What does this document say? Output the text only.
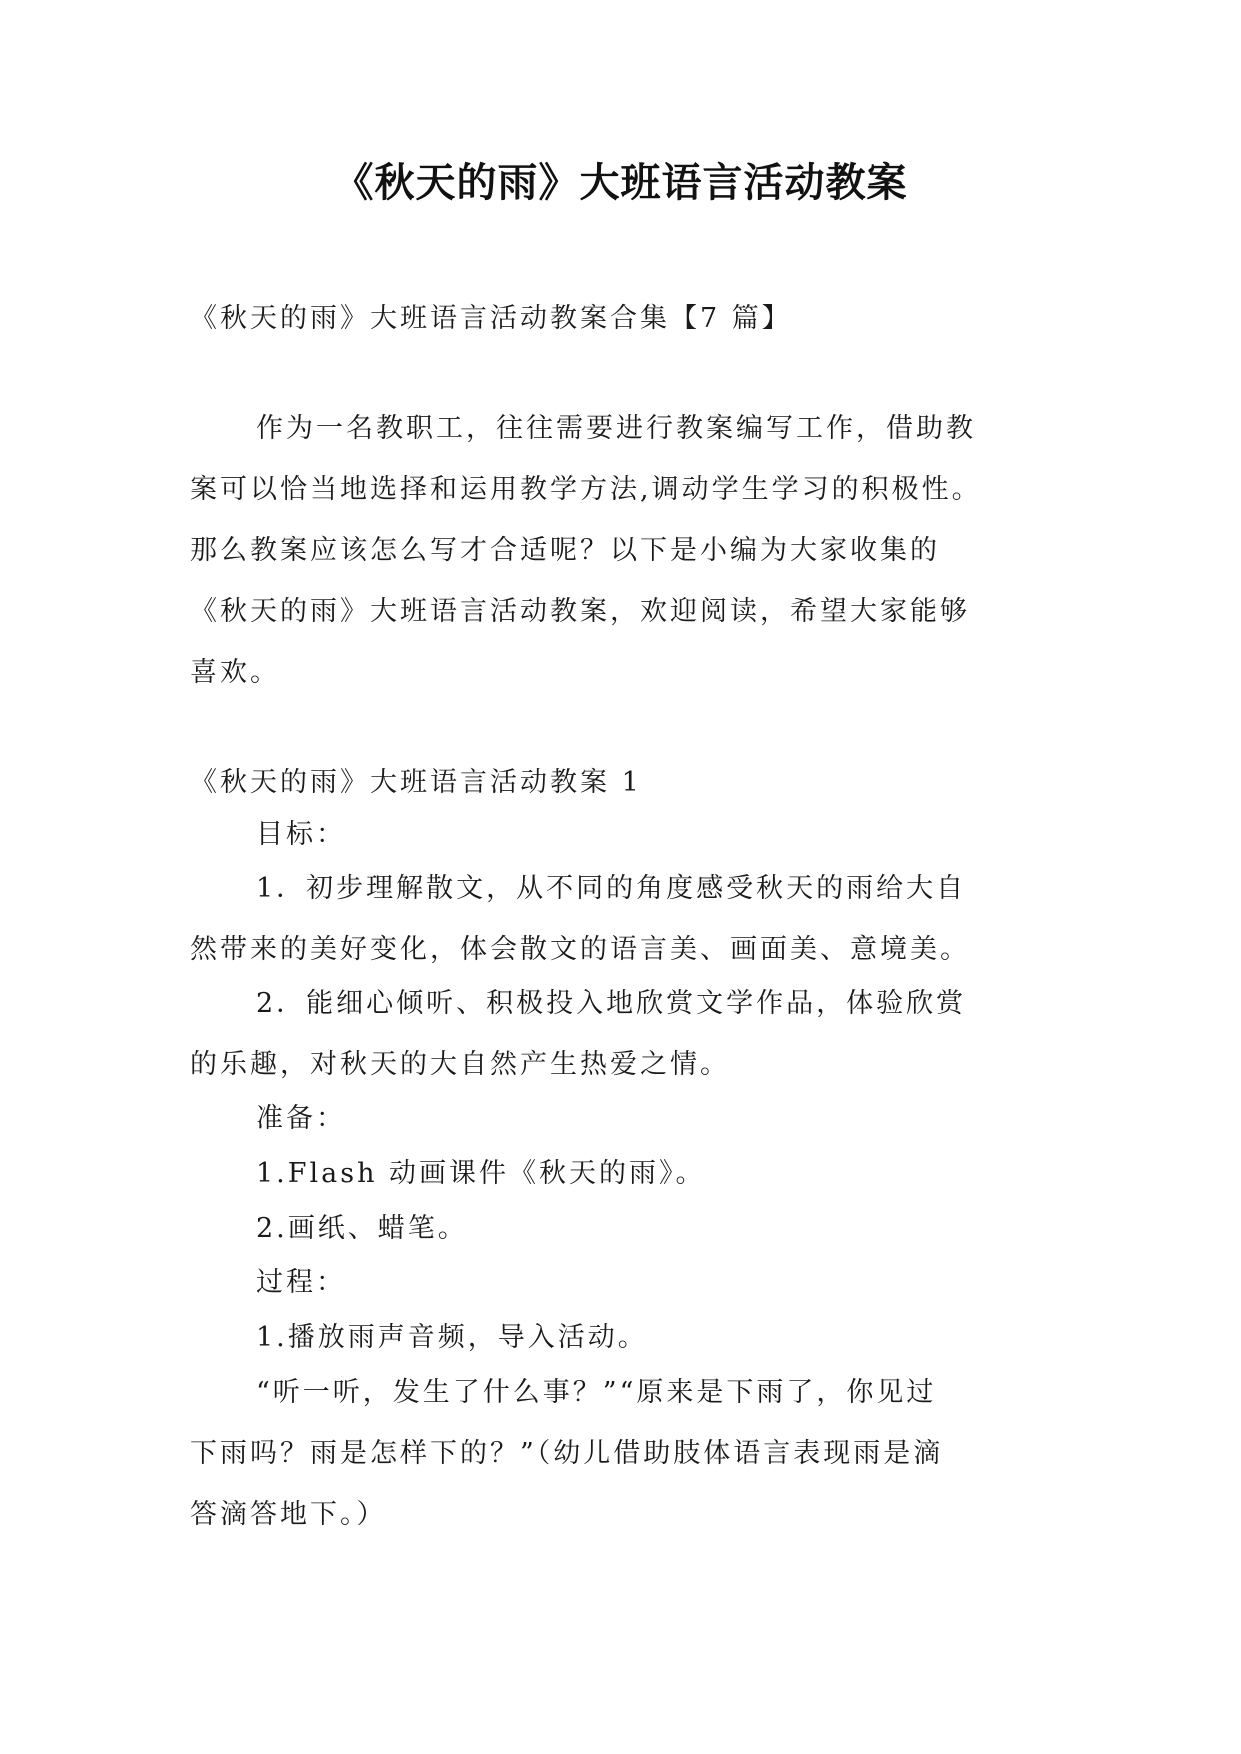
《秋天的雨》大班语言活动教案
《秋天的雨》大班语言活动教案合集【7 篇】
作为一名教职工，往往需要进行教案编写工作，借助教
案可以恰当地选择和运用教学方法,调动学生学习的积极性。
那么教案应该怎么写才合适呢？以下是小编为大家收集的
《秋天的雨》大班语言活动教案，欢迎阅读，希望大家能够
喜欢。
《秋天的雨》大班语言活动教案 1
目标：
1．初步理解散文，从不同的角度感受秋天的雨给大自
然带来的美好变化，体会散文的语言美、画面美、意境美。
2．能细心倾听、积极投入地欣赏文学作品，体验欣赏
的乐趣，对秋天的大自然产生热爱之情。
准备：
1.Flash 动画课件《秋天的雨》。
2.画纸、蜡笔。
过程：
1.播放雨声音频，导入活动。
“听一听，发生了什么事？”“原来是下雨了，你见过
下雨吗？雨是怎样下的？”（幼儿借助肢体语言表现雨是滴
答滴答地下。）
